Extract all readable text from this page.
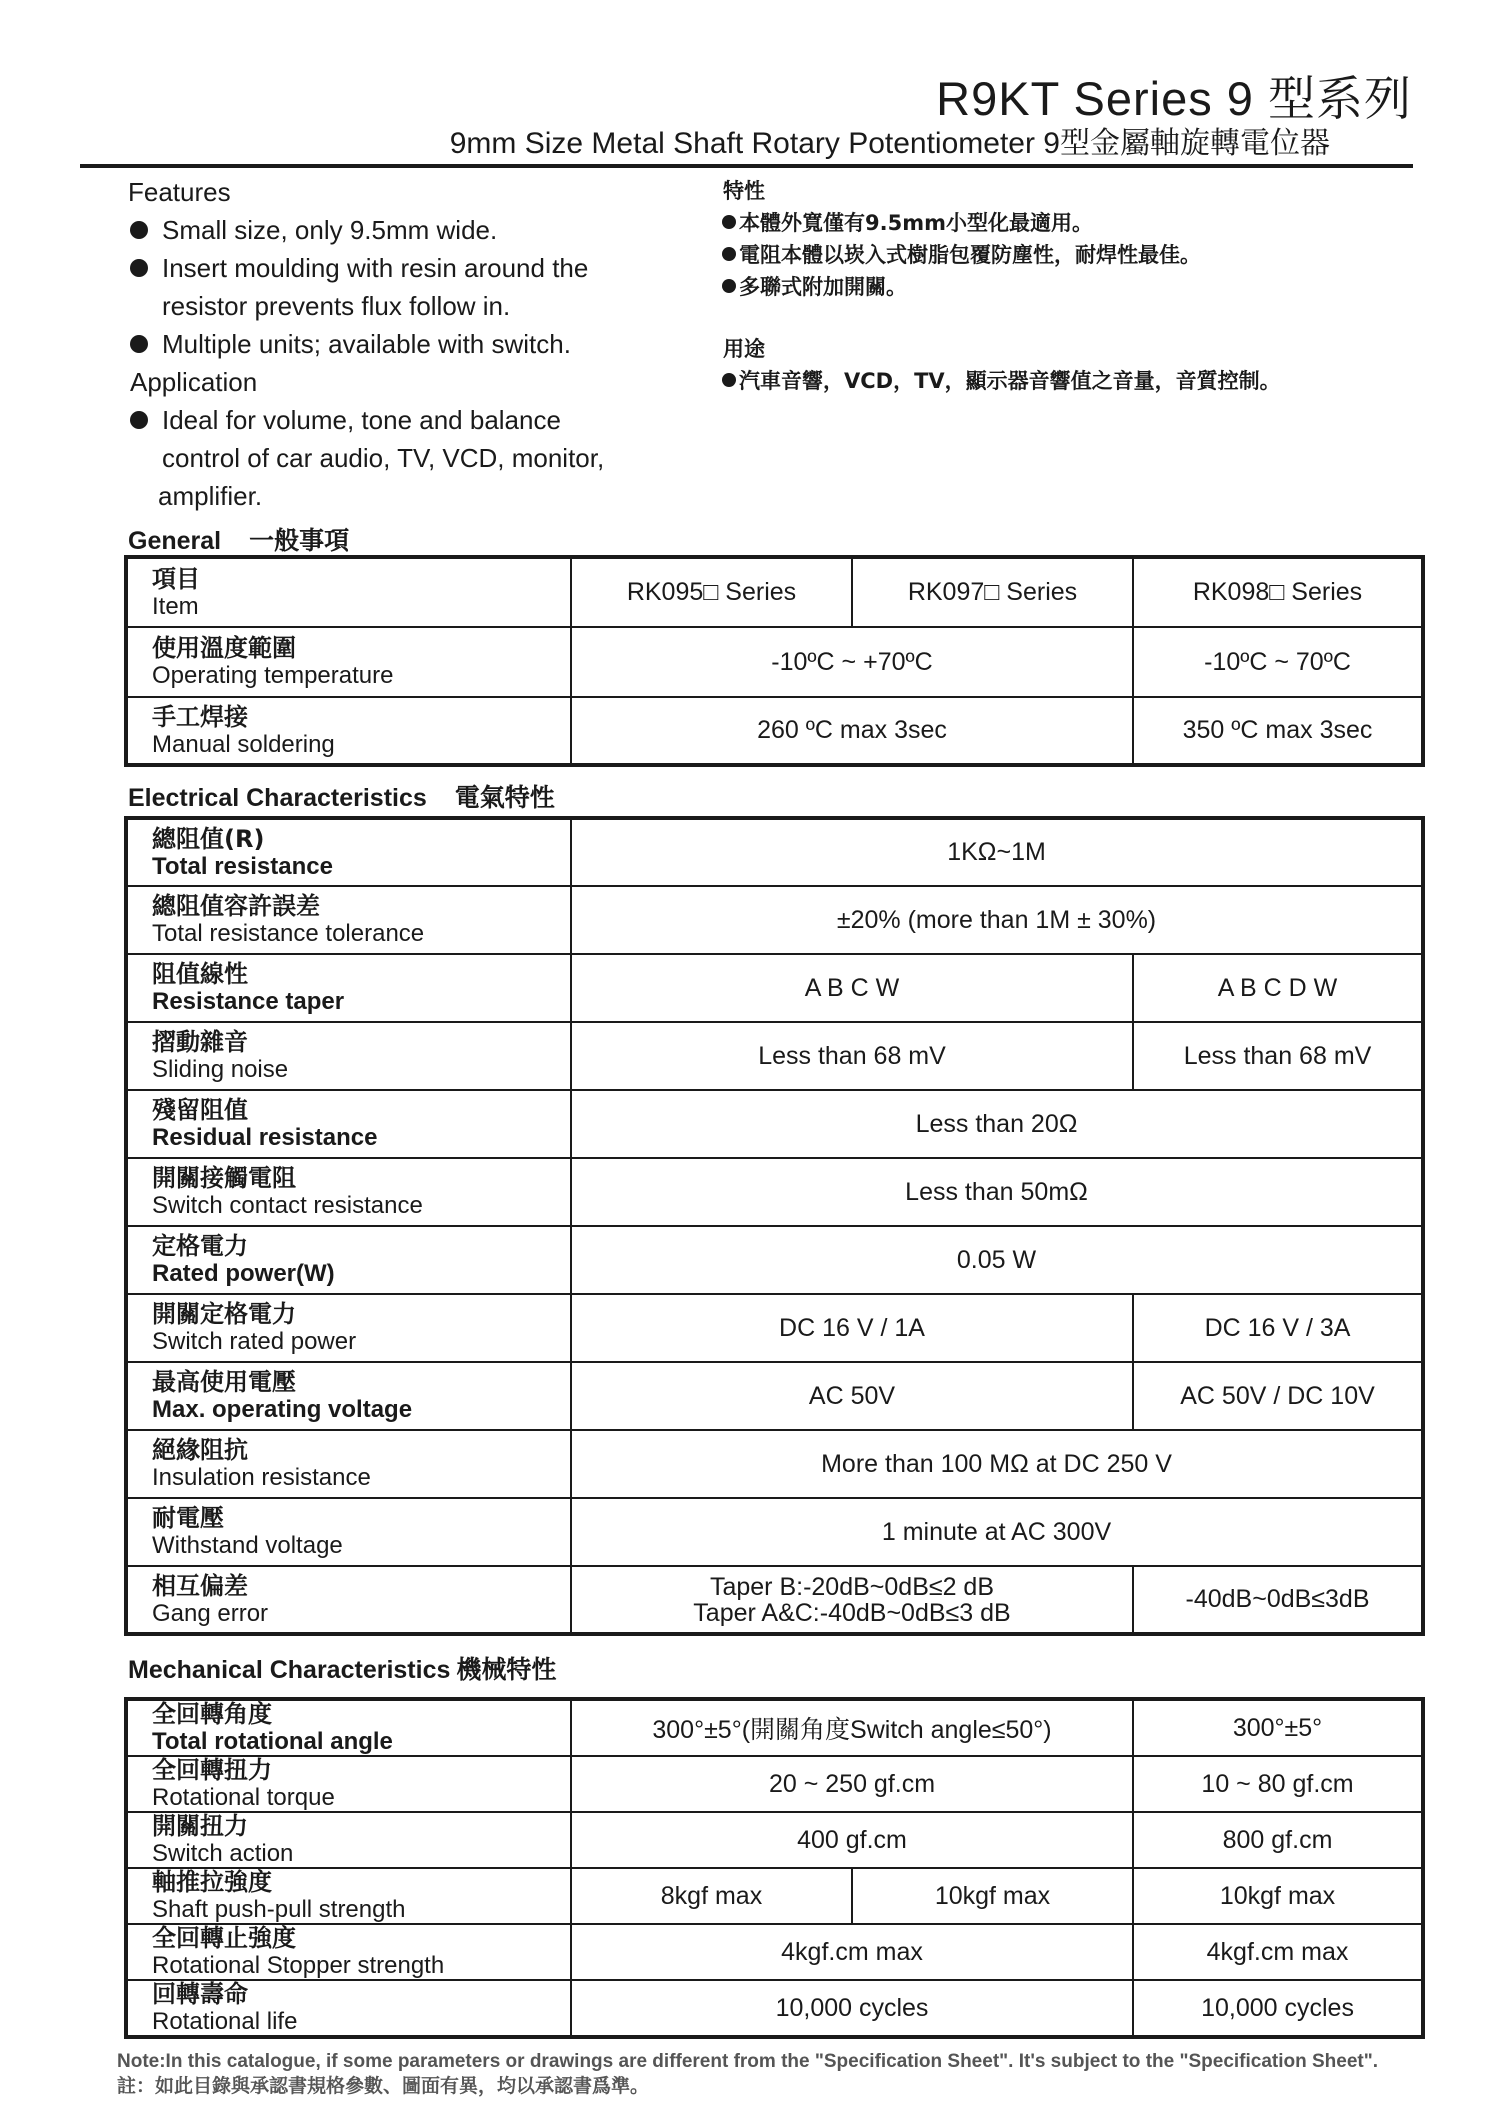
R9KT Series 9 型系列
9mm Size Metal Shaft Rotary Potentiometer 9型金屬軸旋轉電位器
Features
Small size, only 9.5mm wide.
Insert moulding with resin around the
resistor prevents flux follow in.
Multiple units; available with switch.
Application
Ideal for volume, tone and balance
control of car audio, TV, VCD, monitor,
amplifier.
特性
本體外寬僅有9.5mm小型化最適用。
電阻本體以崁入式樹脂包覆防塵性，耐焊性最佳。
多聯式附加開關。
用途
汽車音響，VCD，TV，顯示器音響值之音量，音質控制。
General 一般事項
項目
Item	RK095□ Series	RK097□ Series	RK098□ Series

使用溫度範圍
Operating temperature	-10ºC ~ +70ºC		-10ºC ~ 70ºC

手工焊接
Manual soldering	260 ºC max 3sec		350 ºC max 3sec
Electrical Characteristics 電氣特性
總阻值(R)
Total resistance	1KΩ~1M	

總阻值容許誤差
Total resistance tolerance	±20% (more than 1M ± 30%)	

阻值線性
Resistance taper	A B C W	A B C D W

摺動雜音
Sliding noise	Less than 68 mV	Less than 68 mV

殘留阻值
Residual resistance	Less than 20Ω	

開關接觸電阻
Switch contact resistance	Less than 50mΩ	

定格電力
Rated power(W)	0.05 W	

開關定格電力
Switch rated power	DC 16 V / 1A	DC 16 V / 3A

最高使用電壓
Max. operating voltage	AC 50V	AC 50V / DC 10V

絕緣阻抗
Insulation resistance	More than 100 MΩ at DC 250 V	

耐電壓
Withstand voltage	1 minute at AC 300V	

相互偏差
Gang error	Taper B:-20dB~0dB≤2 dB
Taper A&C:-40dB~0dB≤3 dB	-40dB~0dB≤3dB
Mechanical Characteristics 機械特性
全回轉角度
Total rotational angle	300°±5°(開關角度Switch angle≤50°)		300°±5°

全回轉扭力
Rotational torque	20 ~ 250 gf.cm		10 ~ 80 gf.cm

開關扭力
Switch action	400 gf.cm		800 gf.cm

軸推拉強度
Shaft push-pull strength	8kgf max	10kgf max	10kgf max

全回轉止強度
Rotational Stopper strength	4kgf.cm max		4kgf.cm max

回轉壽命
Rotational life	10,000 cycles		10,000 cycles
Note:In this catalogue, if some parameters or drawings are different from the "Specification Sheet". It's subject to the "Specification Sheet".
註：如此目錄與承認書規格參數、圖面有異，均以承認書爲準。
